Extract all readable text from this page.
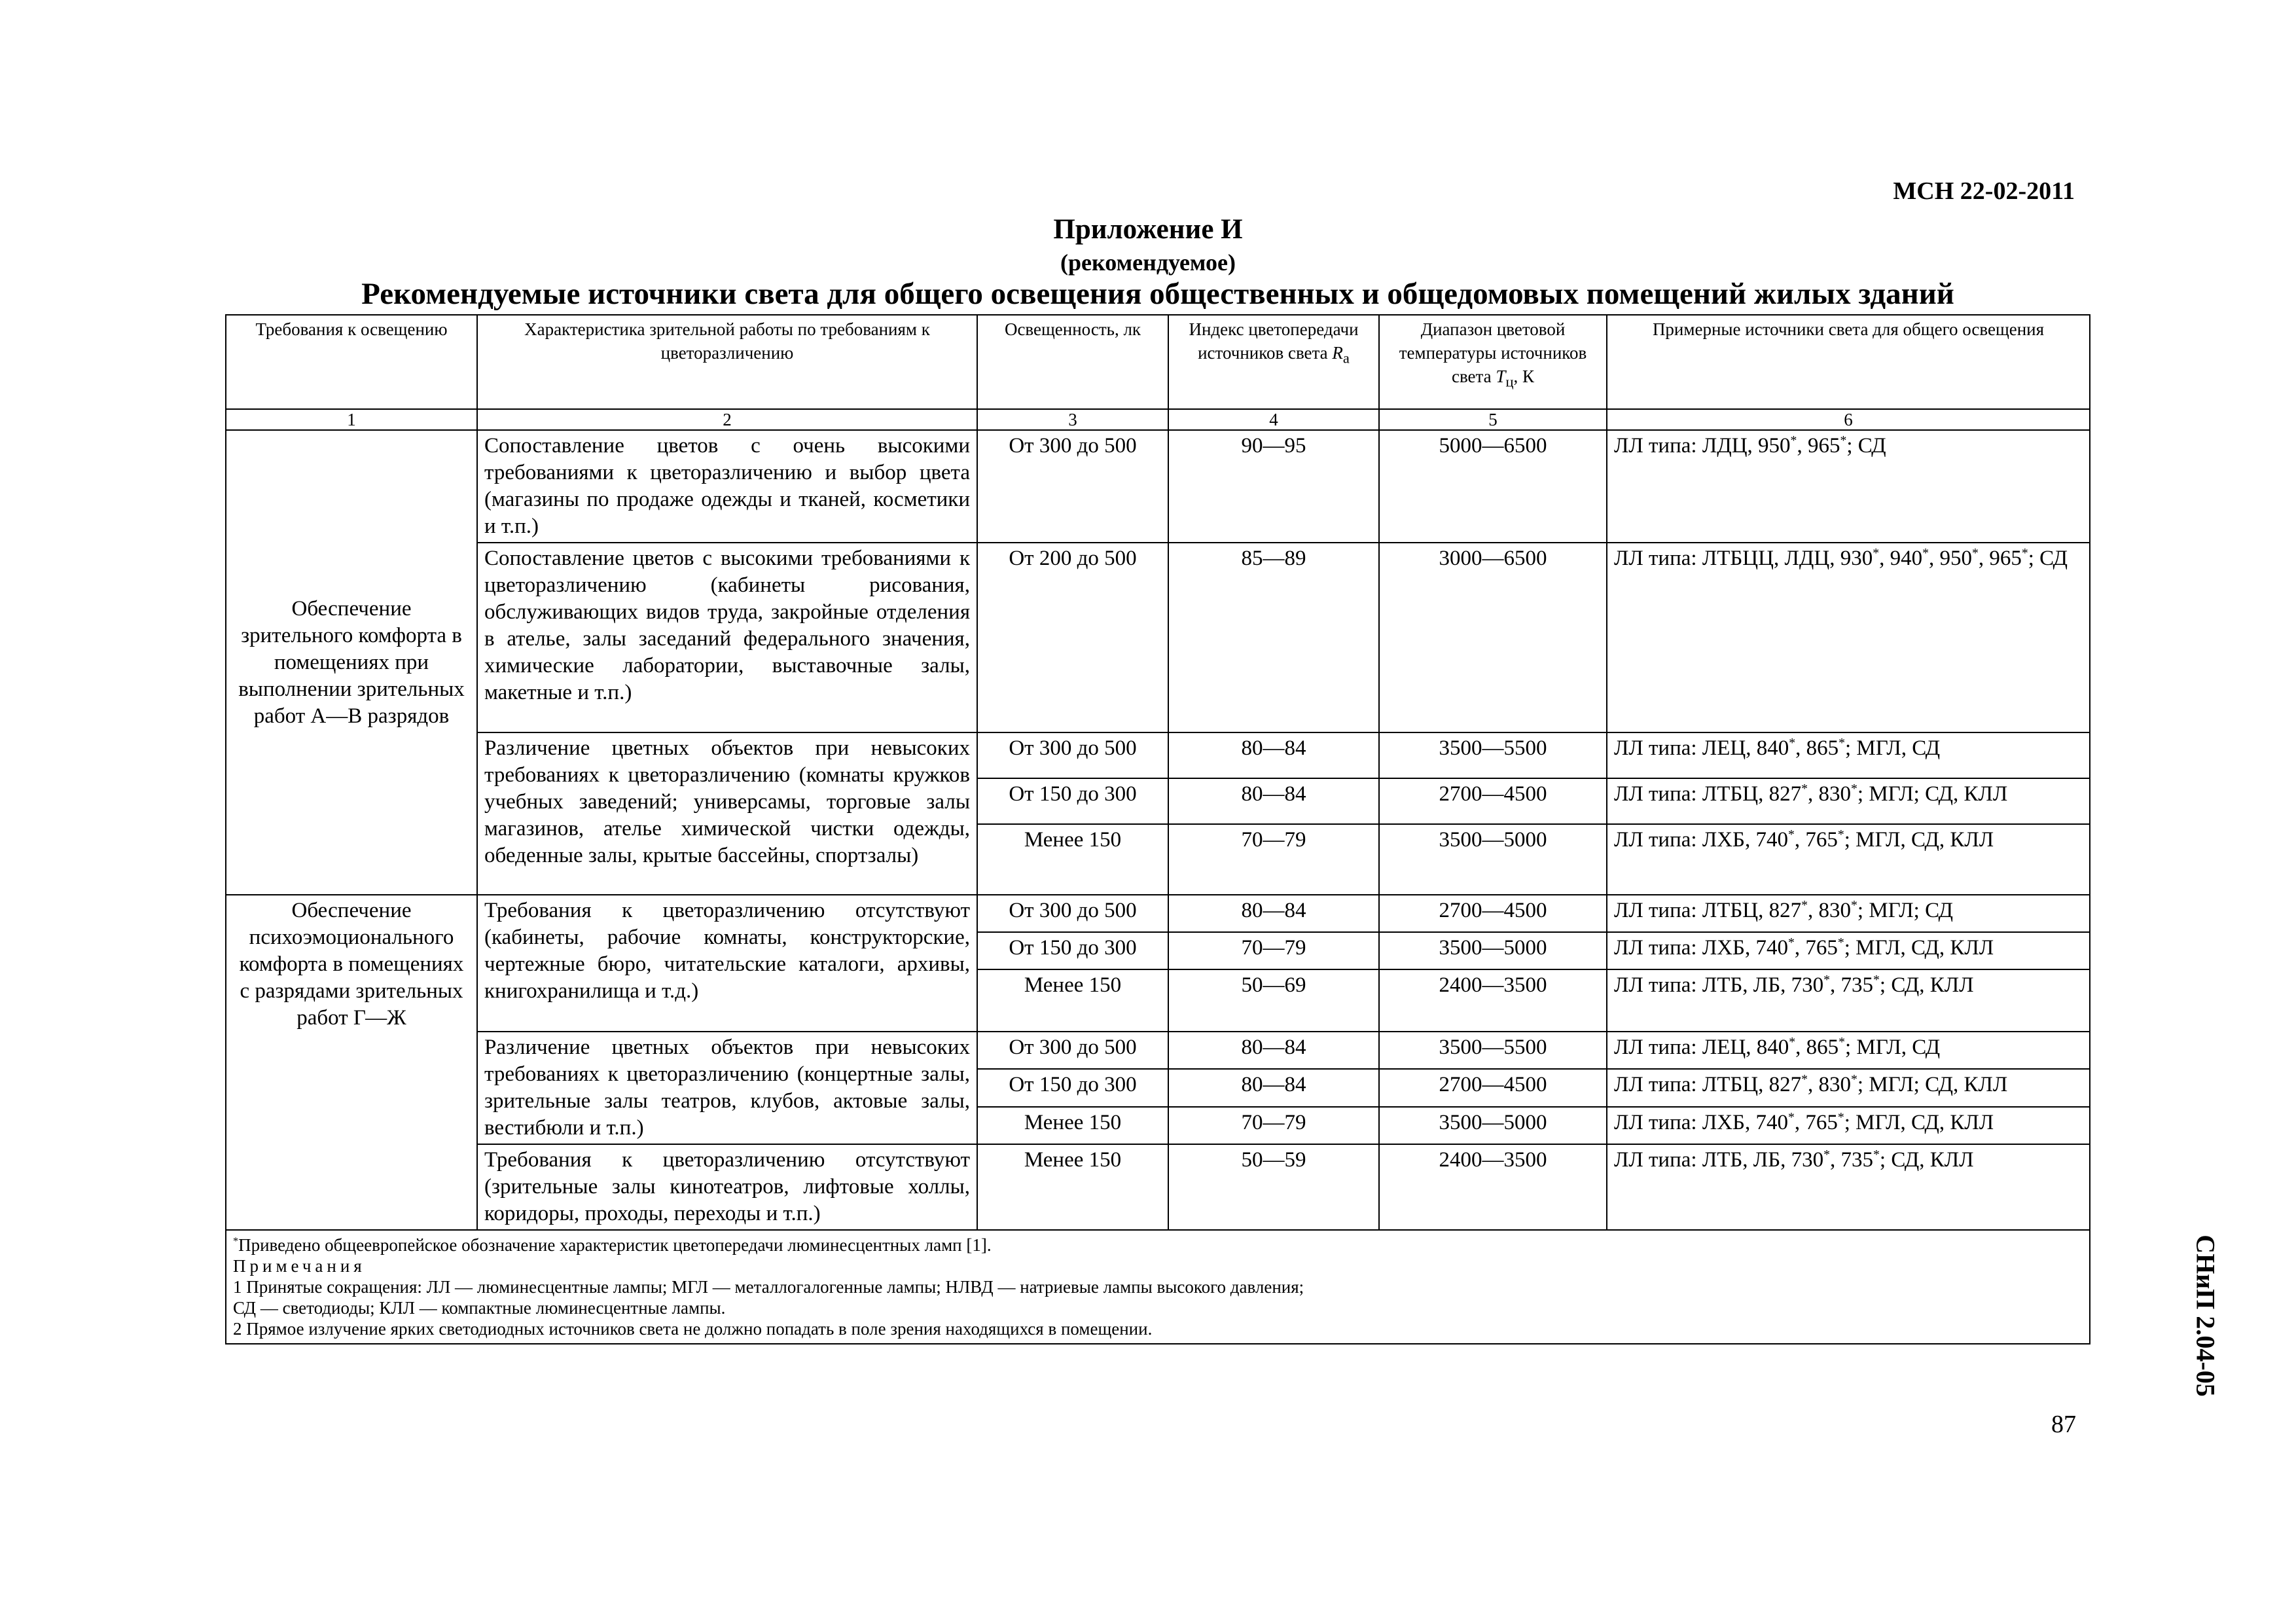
МСН 22-02-2011
Приложение И
(рекомендуемое)
Рекомендуемые источники света для общего освещения общественных и общедомовых помещений жилых зданий
Требования к освещению	Характеристика зрительной работы по требованиям к цветоразличению	Освещенность, лк	Индекс цветопередачи источников света $R_a$	Диапазон цветовой температуры источников света $T_ц$, К	Примерные источники света для общего освещения
1	2	3	4	5	6
Обеспечение зрительного комфорта в помещениях при выполнении зрительных работ А—В разрядов	Сопоставление цветов с очень высокими требованиями к цветоразличению и выбор цвета (магазины по продаже одежды и тканей, косметики и т.п.)	От 300 до 500	90—95	5000—6500	ЛЛ типа: ЛДЦ, 950*, 965*; СД
	Сопоставление цветов с высокими требованиями к цветоразличению (кабинеты рисования, обслуживающих видов труда, закройные отделения в ателье, залы заседаний федерального значения, химические лаборатории, выставочные залы, макетные и т.п.)	От 200 до 500	85—89	3000—6500	ЛЛ типа: ЛТБЦЦ, ЛДЦ, 930*, 940*, 950*, 965*; СД
	Различение цветных объектов при невысоких требованиях к цветоразличению (комнаты кружков учебных заведений; универсамы, торговые залы магазинов, ателье химической чистки одежды, обеденные залы, крытые бассейны, спортзалы)	От 300 до 500	80—84	3500—5500	ЛЛ типа: ЛЕЦ, 840*, 865*; МГЛ, СД
		От 150 до 300	80—84	2700—4500	ЛЛ типа: ЛТБЦ, 827*, 830*; МГЛ; СД, КЛЛ
		Менее 150	70—79	3500—5000	ЛЛ типа: ЛХБ, 740*, 765*; МГЛ, СД, КЛЛ
Обеспечение психоэмоционального комфорта в помещениях с разрядами зрительных работ Г—Ж	Требования к цветоразличению отсутствуют (кабинеты, рабочие комнаты, конструкторские, чертежные бюро, читательские каталоги, архивы, книгохранилища и т.д.)	От 300 до 500	80—84	2700—4500	ЛЛ типа: ЛТБЦ, 827*, 830*; МГЛ; СД
		От 150 до 300	70—79	3500—5000	ЛЛ типа: ЛХБ, 740*, 765*; МГЛ, СД, КЛЛ
		Менее 150	50—69	2400—3500	ЛЛ типа: ЛТБ, ЛБ, 730*, 735*; СД, КЛЛ
	Различение цветных объектов при невысоких требованиях к цветоразличению (концертные залы, зрительные залы театров, клубов, актовые залы, вестибюли и т.п.)	От 300 до 500	80—84	3500—5500	ЛЛ типа: ЛЕЦ, 840*, 865*; МГЛ, СД
		От 150 до 300	80—84	2700—4500	ЛЛ типа: ЛТБЦ, 827*, 830*; МГЛ; СД, КЛЛ
		Менее 150	70—79	3500—5000	ЛЛ типа: ЛХБ, 740*, 765*; МГЛ, СД, КЛЛ
	Требования к цветоразличению отсутствуют (зрительные залы кинотеатров, лифтовые холлы, коридоры, проходы, переходы и т.п.)	Менее 150	50—59	2400—3500	ЛЛ типа: ЛТБ, ЛБ, 730*, 735*; СД, КЛЛ

*Приведено общеевропейское обозначение характеристик цветопередачи люминесцентных ламп [1].
Примечания
1 Принятые сокращения: ЛЛ — люминесцентные лампы; МГЛ — металлогалогенные лампы; НЛВД — натриевые лампы высокого давления;
СД — светодиоды; КЛЛ — компактные люминесцентные лампы.
2 Прямое излучение ярких светодиодных источников света не должно попадать в поле зрения находящихся в помещении.						СНиП 2.04-05
87
